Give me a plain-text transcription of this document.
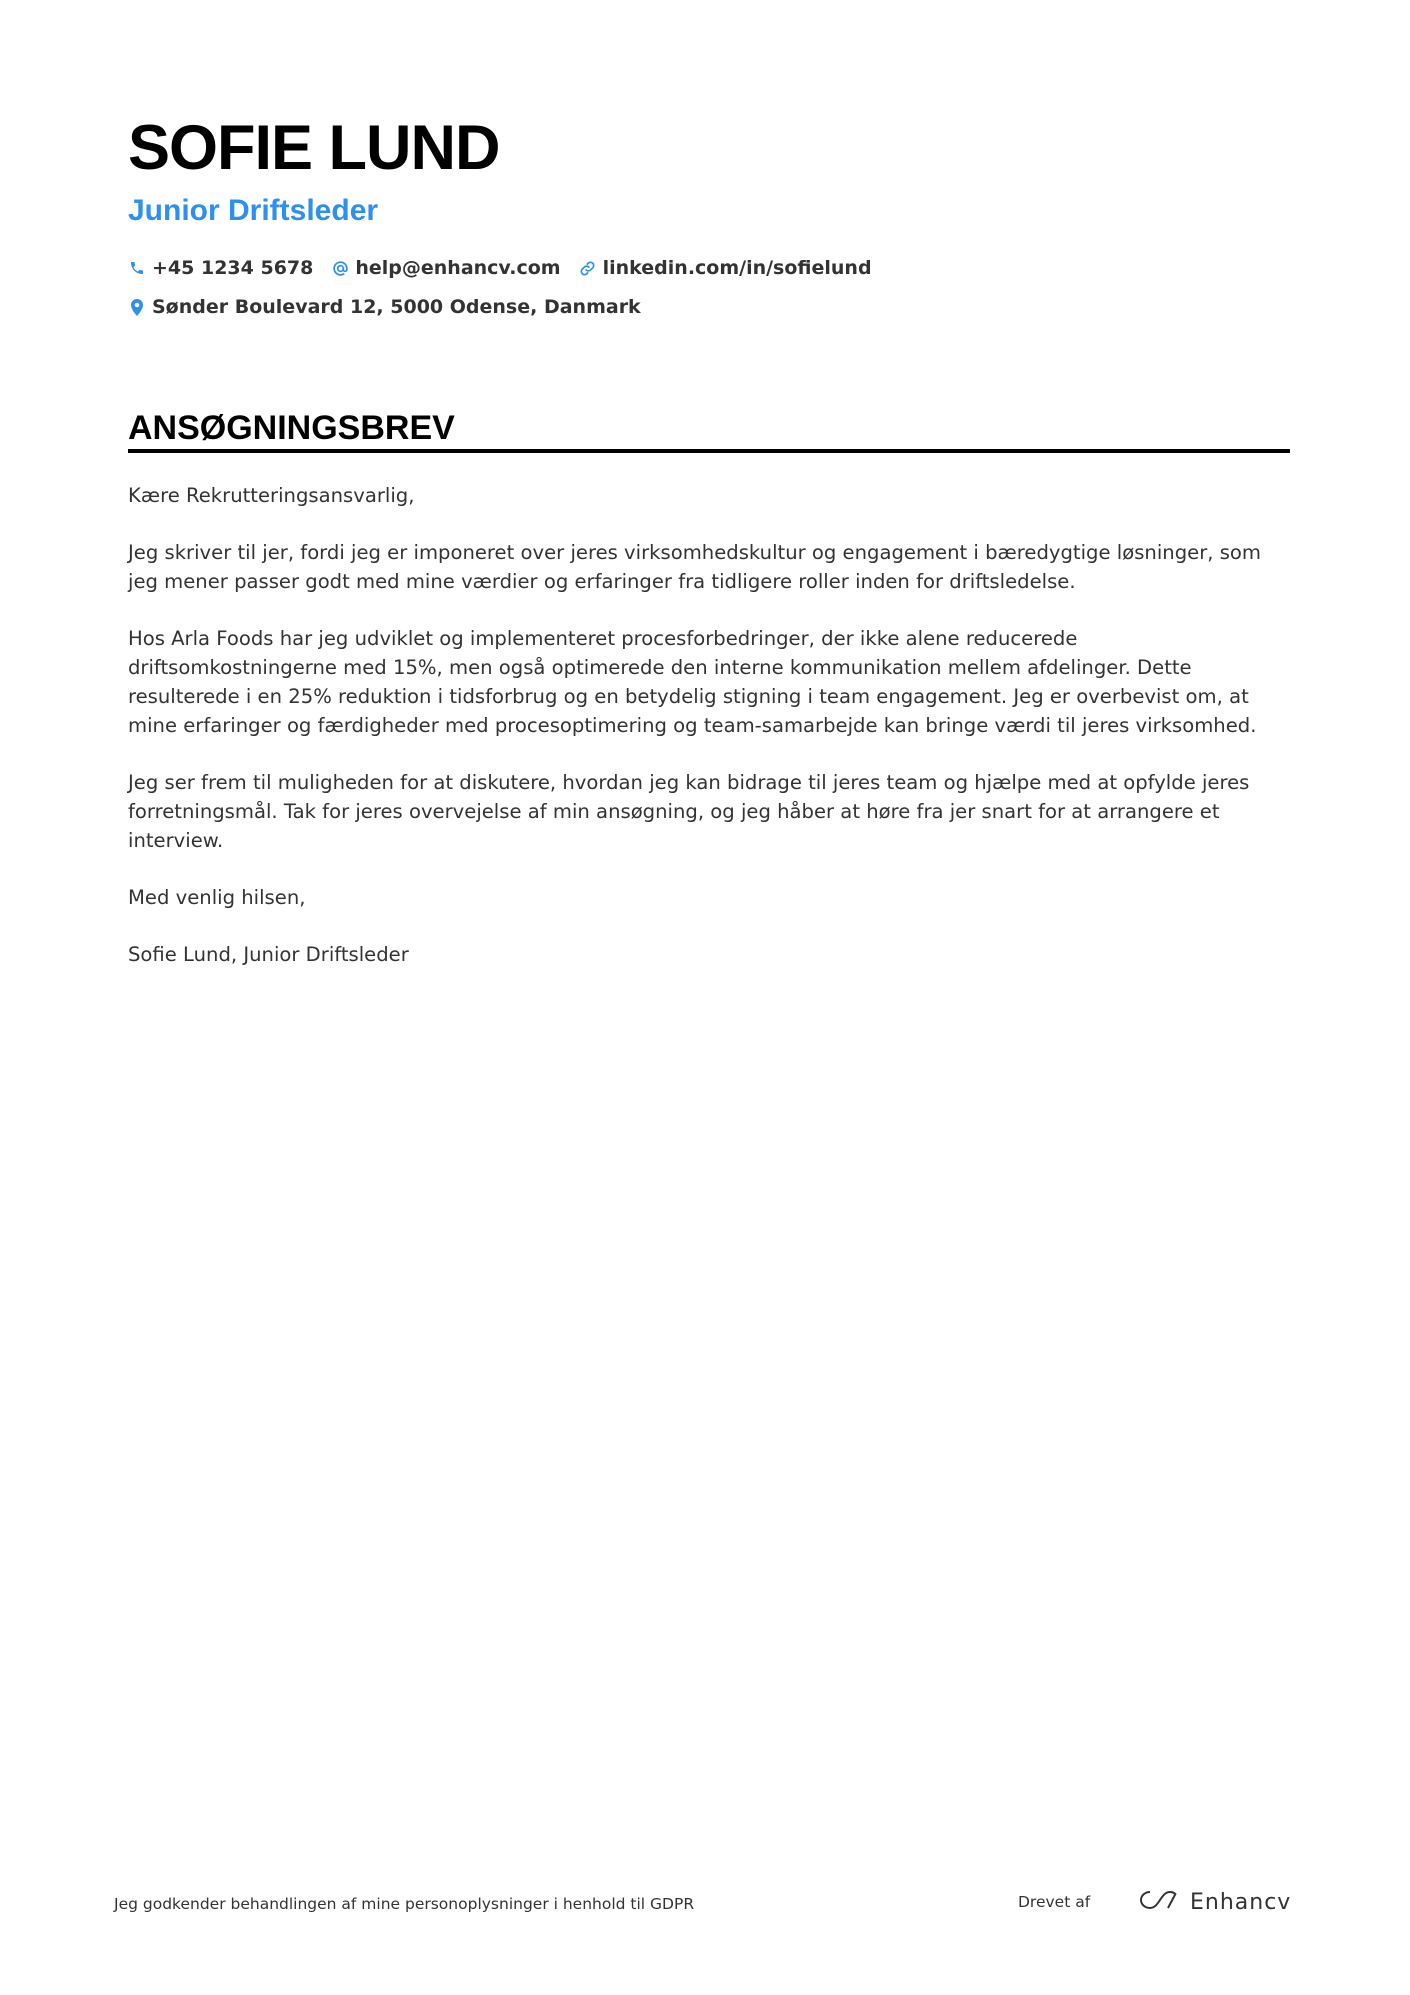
SOFIE LUND
Junior Driftsleder
+45 1234 5678 help@enhancv.com linkedin.com/in/sofielund
Sønder Boulevard 12, 5000 Odense, Danmark
ANSØGNINGSBREV

Kære Rekrutteringsansvarlig,

Jeg skriver til jer, fordi jeg er imponeret over jeres virksomhedskultur og engagement i bæredygtige løsninger, som jeg mener passer godt med mine værdier og erfaringer fra tidligere roller inden for driftsledelse.

Hos Arla Foods har jeg udviklet og implementeret procesforbedringer, der ikke alene reducerede driftsomkostningerne med 15%, men også optimerede den interne kommunikation mellem afdelinger. Dette resulterede i en 25% reduktion i tidsforbrug og en betydelig stigning i team engagement. Jeg er overbevist om, at mine erfaringer og færdigheder med procesoptimering og team-samarbejde kan bringe værdi til jeres virksomhed.

Jeg ser frem til muligheden for at diskutere, hvordan jeg kan bidrage til jeres team og hjælpe med at opfylde jeres forretningsmål. Tak for jeres overvejelse af min ansøgning, og jeg håber at høre fra jer snart for at arrangere et interview.

Med venlig hilsen,

Sofie Lund, Junior Driftsleder

Jeg godkender behandlingen af mine personoplysninger i henhold til GDPR	Drevet af	Enhancv
